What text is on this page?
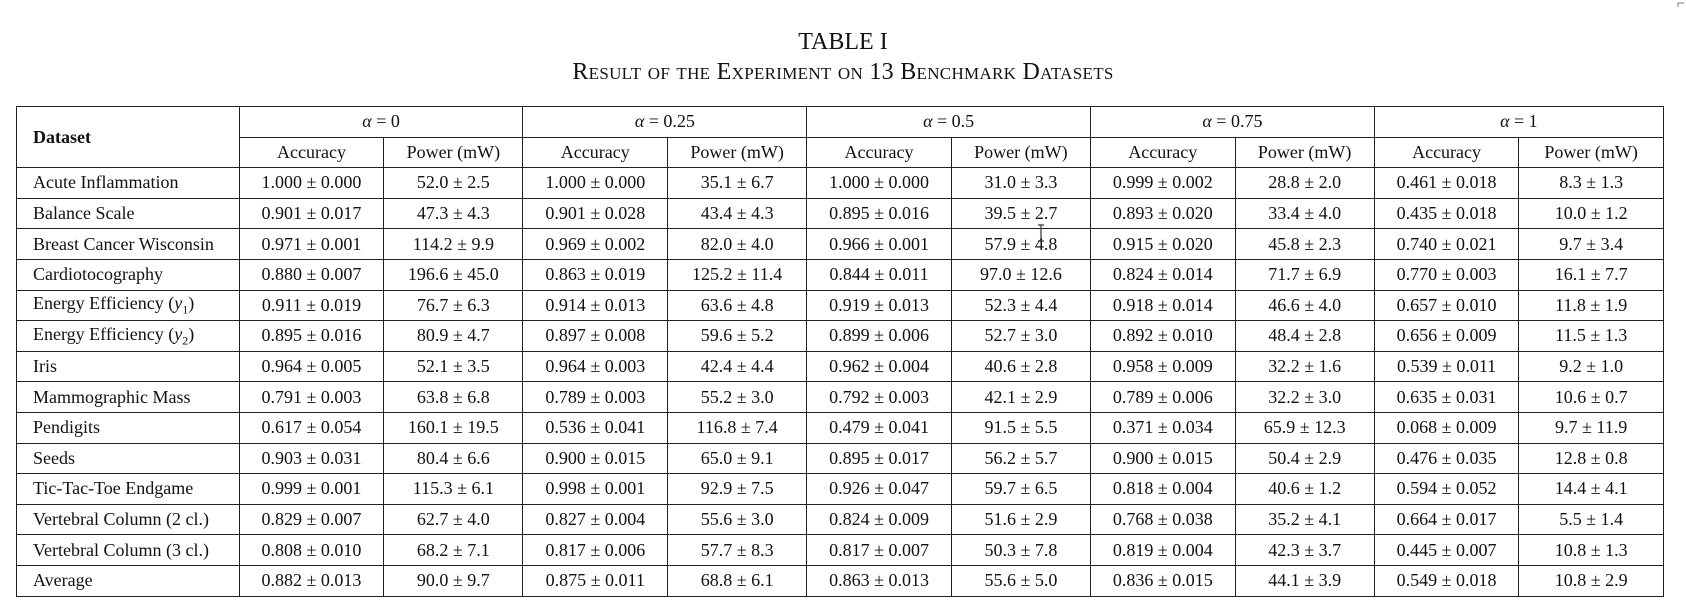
TABLE I
Result of the Experiment on 13 Benchmark Datasets
Dataset	α = 0		α = 0.25		α = 0.5		α = 0.75		α = 1	
	Accuracy	Power (mW)	Accuracy	Power (mW)	Accuracy	Power (mW)	Accuracy	Power (mW)	Accuracy	Power (mW)
Acute Inflammation	1.000 ± 0.000	52.0 ± 2.5	1.000 ± 0.000	35.1 ± 6.7	1.000 ± 0.000	31.0 ± 3.3	0.999 ± 0.002	28.8 ± 2.0	0.461 ± 0.018	8.3 ± 1.3
Balance Scale	0.901 ± 0.017	47.3 ± 4.3	0.901 ± 0.028	43.4 ± 4.3	0.895 ± 0.016	39.5 ± 2.7	0.893 ± 0.020	33.4 ± 4.0	0.435 ± 0.018	10.0 ± 1.2
Breast Cancer Wisconsin	0.971 ± 0.001	114.2 ± 9.9	0.969 ± 0.002	82.0 ± 4.0	0.966 ± 0.001	57.9 ± 4.8	0.915 ± 0.020	45.8 ± 2.3	0.740 ± 0.021	9.7 ± 3.4
Cardiotocography	0.880 ± 0.007	196.6 ± 45.0	0.863 ± 0.019	125.2 ± 11.4	0.844 ± 0.011	97.0 ± 12.6	0.824 ± 0.014	71.7 ± 6.9	0.770 ± 0.003	16.1 ± 7.7
Energy Efficiency $(y_1)$	0.911 ± 0.019	76.7 ± 6.3	0.914 ± 0.013	63.6 ± 4.8	0.919 ± 0.013	52.3 ± 4.4	0.918 ± 0.014	46.6 ± 4.0	0.657 ± 0.010	11.8 ± 1.9
Energy Efficiency $(y_2)$	0.895 ± 0.016	80.9 ± 4.7	0.897 ± 0.008	59.6 ± 5.2	0.899 ± 0.006	52.7 ± 3.0	0.892 ± 0.010	48.4 ± 2.8	0.656 ± 0.009	11.5 ± 1.3
Iris	0.964 ± 0.005	52.1 ± 3.5	0.964 ± 0.003	42.4 ± 4.4	0.962 ± 0.004	40.6 ± 2.8	0.958 ± 0.009	32.2 ± 1.6	0.539 ± 0.011	9.2 ± 1.0
Mammographic Mass	0.791 ± 0.003	63.8 ± 6.8	0.789 ± 0.003	55.2 ± 3.0	0.792 ± 0.003	42.1 ± 2.9	0.789 ± 0.006	32.2 ± 3.0	0.635 ± 0.031	10.6 ± 0.7
Pendigits	0.617 ± 0.054	160.1 ± 19.5	0.536 ± 0.041	116.8 ± 7.4	0.479 ± 0.041	91.5 ± 5.5	0.371 ± 0.034	65.9 ± 12.3	0.068 ± 0.009	9.7 ± 11.9
Seeds	0.903 ± 0.031	80.4 ± 6.6	0.900 ± 0.015	65.0 ± 9.1	0.895 ± 0.017	56.2 ± 5.7	0.900 ± 0.015	50.4 ± 2.9	0.476 ± 0.035	12.8 ± 0.8
Tic-Tac-Toe Endgame	0.999 ± 0.001	115.3 ± 6.1	0.998 ± 0.001	92.9 ± 7.5	0.926 ± 0.047	59.7 ± 6.5	0.818 ± 0.004	40.6 ± 1.2	0.594 ± 0.052	14.4 ± 4.1
Vertebral Column (2 cl.)	0.829 ± 0.007	62.7 ± 4.0	0.827 ± 0.004	55.6 ± 3.0	0.824 ± 0.009	51.6 ± 2.9	0.768 ± 0.038	35.2 ± 4.1	0.664 ± 0.017	5.5 ± 1.4
Vertebral Column (3 cl.)	0.808 ± 0.010	68.2 ± 7.1	0.817 ± 0.006	57.7 ± 8.3	0.817 ± 0.007	50.3 ± 7.8	0.819 ± 0.004	42.3 ± 3.7	0.445 ± 0.007	10.8 ± 1.3
Average	0.882 ± 0.013	90.0 ± 9.7	0.875 ± 0.011	68.8 ± 6.1	0.863 ± 0.013	55.6 ± 5.0	0.836 ± 0.015	44.1 ± 3.9	0.549 ± 0.018	10.8 ± 2.9
